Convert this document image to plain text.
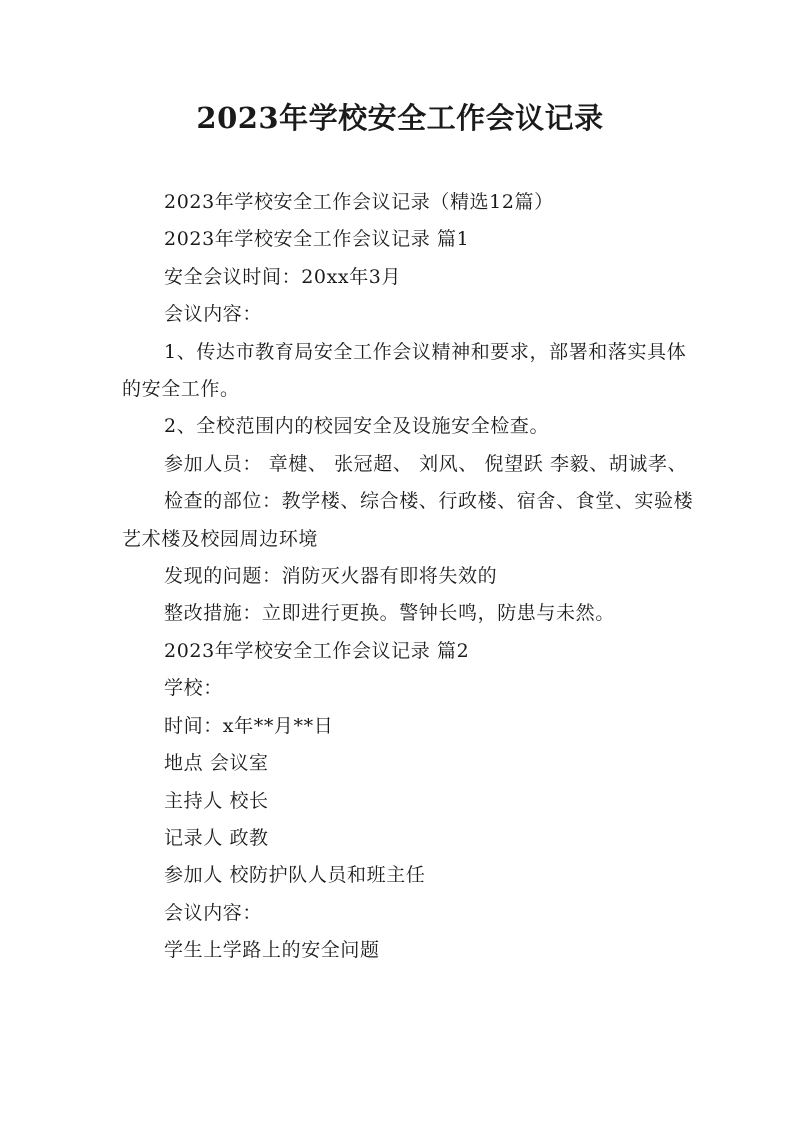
2023年学校安全工作会议记录

2023年学校安全工作会议记录（精选12篇）

2023年学校安全工作会议记录 篇1

安全会议时间：20xx年3月

会议内容：

1、传达市教育局安全工作会议精神和要求，部署和落实具体的安全工作。

2、全校范围内的校园安全及设施安全检查。

参加人员： 章楗、 张冠超、 刘风、 倪望跃 李毅、胡诚孝、

检查的部位：教学楼、综合楼、行政楼、宿舍、食堂、实验楼 艺术楼及校园周边环境

发现的问题：消防灭火器有即将失效的

整改措施：立即进行更换。警钟长鸣，防患与未然。

2023年学校安全工作会议记录 篇2

学校：

时间：x年**月**日

地点 会议室

主持人 校长

记录人 政教

参加人 校防护队人员和班主任

会议内容：

学生上学路上的安全问题
